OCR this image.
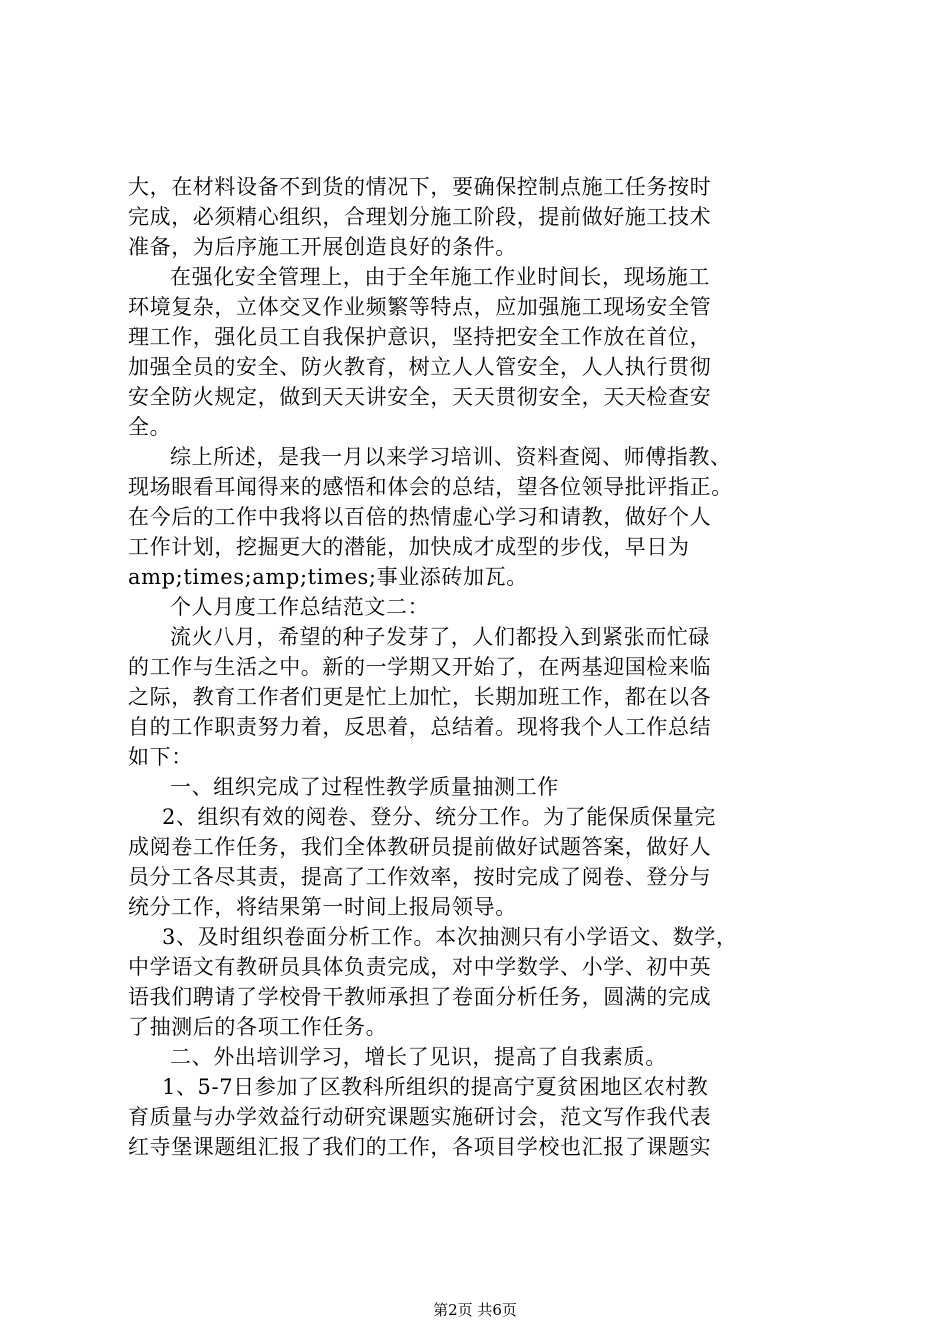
大，在材料设备不到货的情况下，要确保控制点施工任务按时
完成，必须精心组织，合理划分施工阶段，提前做好施工技术
准备，为后序施工开展创造良好的条件。
在强化安全管理上，由于全年施工作业时间长，现场施工
环境复杂，立体交叉作业频繁等特点，应加强施工现场安全管
理工作，强化员工自我保护意识，坚持把安全工作放在首位，
加强全员的安全、防火教育，树立人人管安全，人人执行贯彻
安全防火规定，做到天天讲安全，天天贯彻安全，天天检查安
全。
综上所述，是我一月以来学习培训、资料查阅、师傅指教、
现场眼看耳闻得来的感悟和体会的总结，望各位领导批评指正。
在今后的工作中我将以百倍的热情虚心学习和请教，做好个人
工作计划，挖掘更大的潜能，加快成才成型的步伐，早日为
amp;times;amp;times;事业添砖加瓦。
个人月度工作总结范文二：
流火八月，希望的种子发芽了，人们都投入到紧张而忙碌
的工作与生活之中。新的一学期又开始了，在两基迎国检来临
之际，教育工作者们更是忙上加忙，长期加班工作，都在以各
自的工作职责努力着，反思着，总结着。现将我个人工作总结
如下：
一、组织完成了过程性教学质量抽测工作
2、组织有效的阅卷、登分、统分工作。为了能保质保量完
成阅卷工作任务，我们全体教研员提前做好试题答案，做好人
员分工各尽其责，提高了工作效率，按时完成了阅卷、登分与
统分工作，将结果第一时间上报局领导。
3、及时组织卷面分析工作。本次抽测只有小学语文、数学，
中学语文有教研员具体负责完成，对中学数学、小学、初中英
语我们聘请了学校骨干教师承担了卷面分析任务，圆满的完成
了抽测后的各项工作任务。
二、外出培训学习，增长了见识，提高了自我素质。
1、5-7日参加了区教科所组织的提高宁夏贫困地区农村教
育质量与办学效益行动研究课题实施研讨会，范文写作我代表
红寺堡课题组汇报了我们的工作，各项目学校也汇报了课题实
第2页 共6页
